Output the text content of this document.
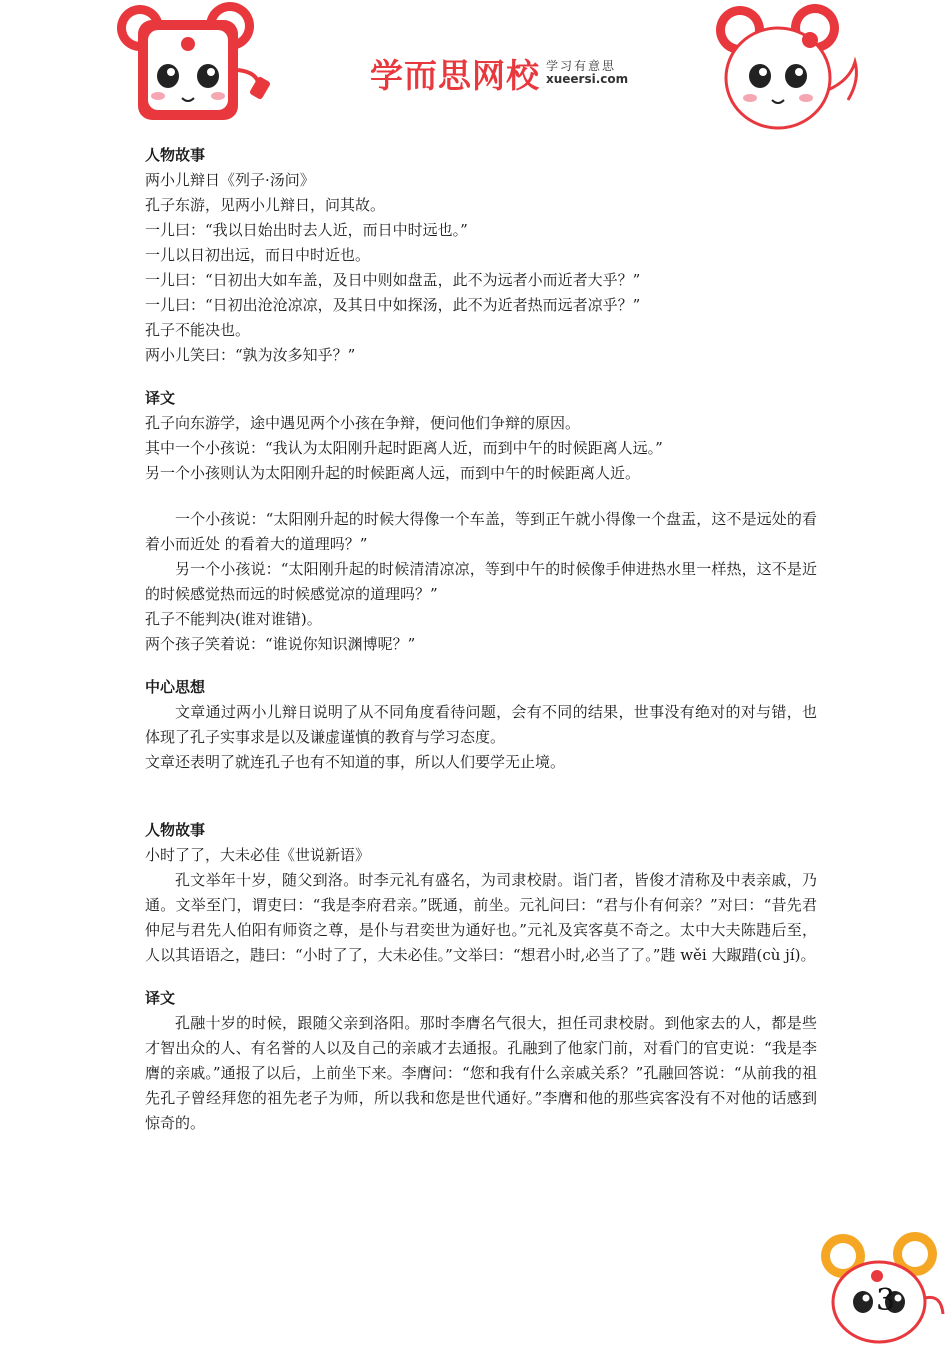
学而思网校 学习有意思
xueersi.com

人物故事

两小儿辩日《列子·汤问》

孔子东游，见两小儿辩日，问其故。

一儿曰：“我以日始出时去人近，而日中时远也。”

一儿以日初出远，而日中时近也。

一儿曰：“日初出大如车盖，及日中则如盘盂，此不为远者小而近者大乎？”

一儿曰：“日初出沧沧凉凉，及其日中如探汤，此不为近者热而远者凉乎？”

孔子不能决也。

两小儿笑曰：“孰为汝多知乎？”

译文

孔子向东游学，途中遇见两个小孩在争辩，便问他们争辩的原因。

其中一个小孩说：“我认为太阳刚升起时距离人近，而到中午的时候距离人远。”

另一个小孩则认为太阳刚升起的时候距离人远，而到中午的时候距离人近。

一个小孩说：“太阳刚升起的时候大得像一个车盖，等到正午就小得像一个盘盂，这不是远处的看着小而近处 的看着大的道理吗？”

另一个小孩说：“太阳刚升起的时候清清凉凉，等到中午的时候像手伸进热水里一样热，这不是近的时候感觉热而远的时候感觉凉的道理吗？”

孔子不能判决(谁对谁错)。

两个孩子笑着说：“谁说你知识渊博呢？”

中心思想

文章通过两小儿辩日说明了从不同角度看待问题，会有不同的结果，世事没有绝对的对与错，也体现了孔子实事求是以及谦虚谨慎的教育与学习态度。

文章还表明了就连孔子也有不知道的事，所以人们要学无止境。

人物故事

小时了了，大未必佳《世说新语》

孔文举年十岁，随父到洛。时李元礼有盛名，为司隶校尉。诣门者，皆俊才清称及中表亲戚，乃通。文举至门，谓吏曰：“我是李府君亲。”既通，前坐。元礼问曰：“君与仆有何亲？”对曰：“昔先君仲尼与君先人伯阳有师资之尊，是仆与君奕世为通好也。”元礼及宾客莫不奇之。太中大夫陈韪后至，人以其语语之，韪曰：“小时了了，大未必佳。”文举曰：“想君小时,必当了了。”韪 wěi 大踧踖(cù jí)。

译文

孔融十岁的时候，跟随父亲到洛阳。那时李膺名气很大，担任司隶校尉。到他家去的人，都是些才智出众的人、有名誉的人以及自己的亲戚才去通报。孔融到了他家门前，对看门的官吏说：“我是李膺的亲戚。”通报了以后，上前坐下来。李膺问：“您和我有什么亲戚关系？”孔融回答说：“从前我的祖先孔子曾经拜您的祖先老子为师，所以我和您是世代通好。”李膺和他的那些宾客没有不对他的话感到惊奇的。

3
